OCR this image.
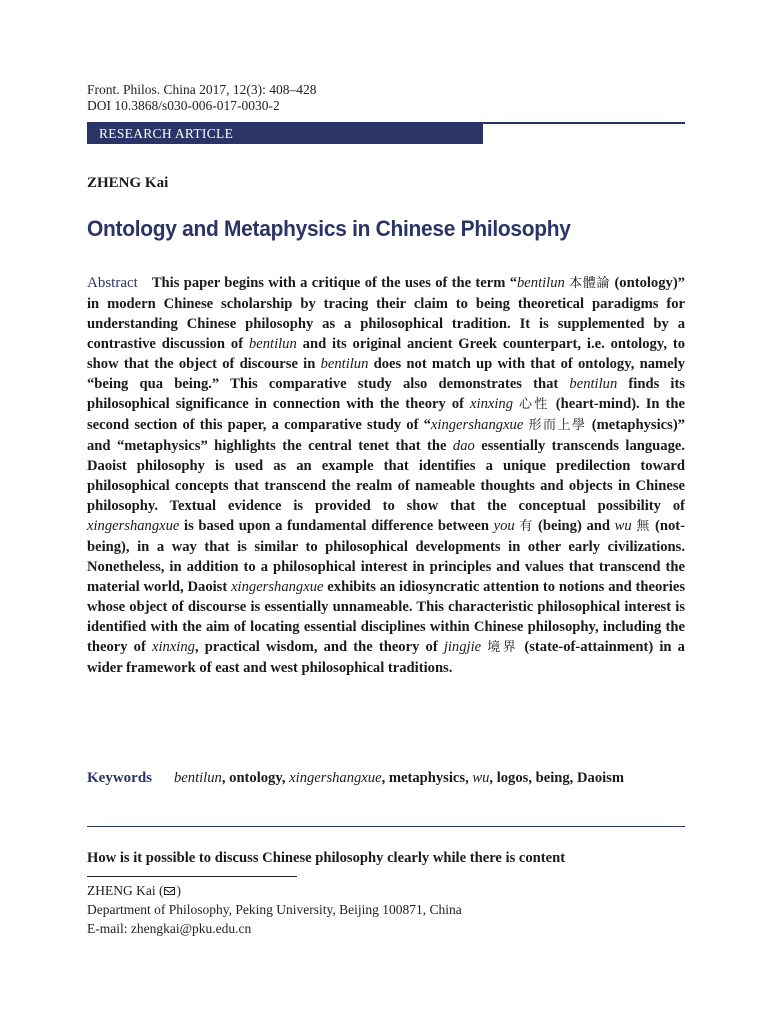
Front. Philos. China 2017, 12(3): 408–428
DOI 10.3868/s030-006-017-0030-2
RESEARCH ARTICLE
ZHENG Kai
Ontology and Metaphysics in Chinese Philosophy

Abstract This paper begins with a critique of the uses of the term “bentilun 本體論 (ontology)” in modern Chinese scholarship by tracing their claim to being theoretical paradigms for understanding Chinese philosophy as a philosophical tradition. It is supplemented by a contrastive discussion of bentilun and its original ancient Greek counterpart, i.e. ontology, to show that the object of discourse in bentilun does not match up with that of ontology, namely “being qua being.” This comparative study also demonstrates that bentilun finds its philosophical significance in connection with the theory of xinxing 心性 (heart-mind). In the second section of this paper, a comparative study of “xingershangxue 形而上學 (metaphysics)” and “metaphysics” highlights the central tenet that the dao essentially transcends language. Daoist philosophy is used as an example that identifies a unique predilection toward philosophical concepts that transcend the realm of nameable thoughts and objects in Chinese philosophy. Textual evidence is provided to show that the conceptual possibility of xingershangxue is based upon a fundamental difference between you 有 (being) and wu 無 (not-being), in a way that is similar to philosophical developments in other early civilizations. Nonetheless, in addition to a philosophical interest in principles and values that transcend the material world, Daoist xingershangxue exhibits an idiosyncratic attention to notions and theories whose object of discourse is essentially unnameable. This characteristic philosophical interest is identified with the aim of locating essential disciplines within Chinese philosophy, including the theory of xinxing, practical wisdom, and the theory of jingjie 境界 (state-of-attainment) in a wider framework of east and west philosophical traditions.

Keywords bentilun, ontology, xingershangxue, metaphysics, wu, logos, being, Daoism

How is it possible to discuss Chinese philosophy clearly while there is content

ZHENG Kai ( )
Department of Philosophy, Peking University, Beijing 100871, China
E-mail: zhengkai@pku.edu.cn
